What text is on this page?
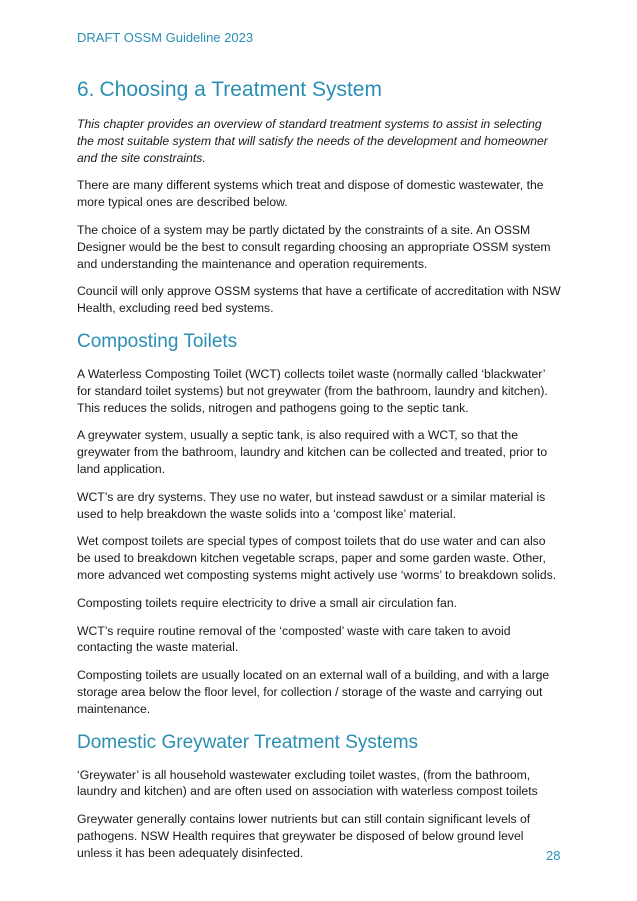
DRAFT OSSM Guideline 2023
6. Choosing a Treatment System

This chapter provides an overview of standard treatment systems to assist in selecting the most suitable system that will satisfy the needs of the development and homeowner and the site constraints.

There are many different systems which treat and dispose of domestic wastewater, the more typical ones are described below.

The choice of a system may be partly dictated by the constraints of a site. An OSSM Designer would be the best to consult regarding choosing an appropriate OSSM system and understanding the maintenance and operation requirements.

Council will only approve OSSM systems that have a certificate of accreditation with NSW Health, excluding reed bed systems.

Composting Toilets

A Waterless Composting Toilet (WCT) collects toilet waste (normally called ‘blackwater’ for standard toilet systems) but not greywater (from the bathroom, laundry and kitchen). This reduces the solids, nitrogen and pathogens going to the septic tank.

A greywater system, usually a septic tank, is also required with a WCT, so that the greywater from the bathroom, laundry and kitchen can be collected and treated, prior to land application.

WCT’s are dry systems. They use no water, but instead sawdust or a similar material is used to help breakdown the waste solids into a ‘compost like’ material.

Wet compost toilets are special types of compost toilets that do use water and can also be used to breakdown kitchen vegetable scraps, paper and some garden waste. Other, more advanced wet composting systems might actively use ‘worms’ to breakdown solids.

Composting toilets require electricity to drive a small air circulation fan.

WCT’s require routine removal of the ‘composted’ waste with care taken to avoid contacting the waste material.

Composting toilets are usually located on an external wall of a building, and with a large storage area below the floor level, for collection / storage of the waste and carrying out maintenance.

Domestic Greywater Treatment Systems

‘Greywater’ is all household wastewater excluding toilet wastes, (from the bathroom, laundry and kitchen) and are often used on association with waterless compost toilets

Greywater generally contains lower nutrients but can still contain significant levels of pathogens. NSW Health requires that greywater be disposed of below ground level unless it has been adequately disinfected.	28
